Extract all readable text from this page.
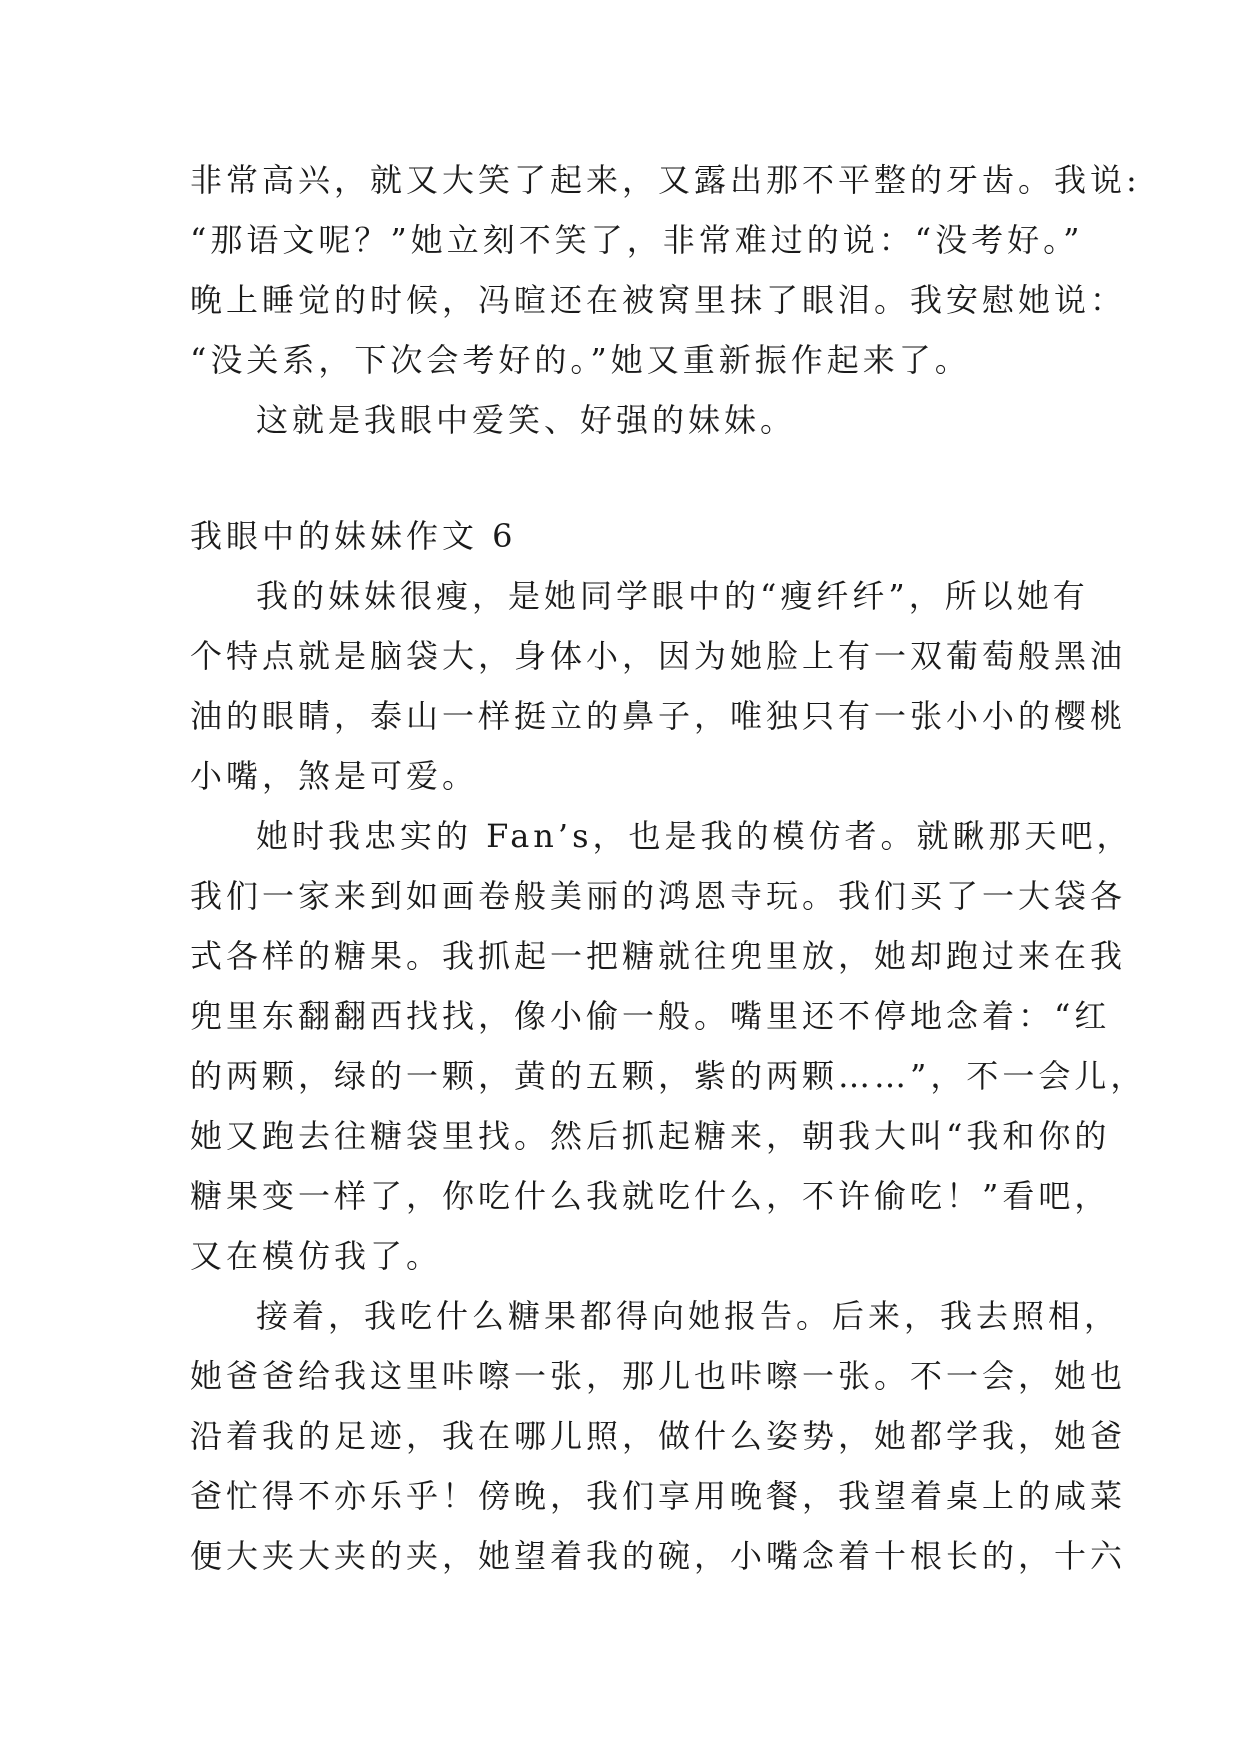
非常高兴，就又大笑了起来，又露出那不平整的牙齿。我说:
“那语文呢？”她立刻不笑了，非常难过的说：“没考好。”
晚上睡觉的时候，冯暄还在被窝里抹了眼泪。我安慰她说：
“没关系，下次会考好的。”她又重新振作起来了。
这就是我眼中爱笑、好强的妹妹。
我眼中的妹妹作文 6
我的妹妹很瘦，是她同学眼中的“瘦纤纤”，所以她有
个特点就是脑袋大，身体小，因为她脸上有一双葡萄般黑油
油的眼睛，泰山一样挺立的鼻子，唯独只有一张小小的樱桃
小嘴，煞是可爱。
她时我忠实的 Fan’s，也是我的模仿者。就瞅那天吧，
我们一家来到如画卷般美丽的鸿恩寺玩。我们买了一大袋各
式各样的糖果。我抓起一把糖就往兜里放，她却跑过来在我
兜里东翻翻西找找，像小偷一般。嘴里还不停地念着：“红
的两颗，绿的一颗，黄的五颗，紫的两颗……”，不一会儿，
她又跑去往糖袋里找。然后抓起糖来，朝我大叫“我和你的
糖果变一样了，你吃什么我就吃什么，不许偷吃！”看吧，
又在模仿我了。
接着，我吃什么糖果都得向她报告。后来，我去照相，
她爸爸给我这里咔嚓一张，那儿也咔嚓一张。不一会，她也
沿着我的足迹，我在哪儿照，做什么姿势，她都学我，她爸
爸忙得不亦乐乎！傍晚，我们享用晚餐，我望着桌上的咸菜
便大夹大夹的夹，她望着我的碗，小嘴念着十根长的，十六
